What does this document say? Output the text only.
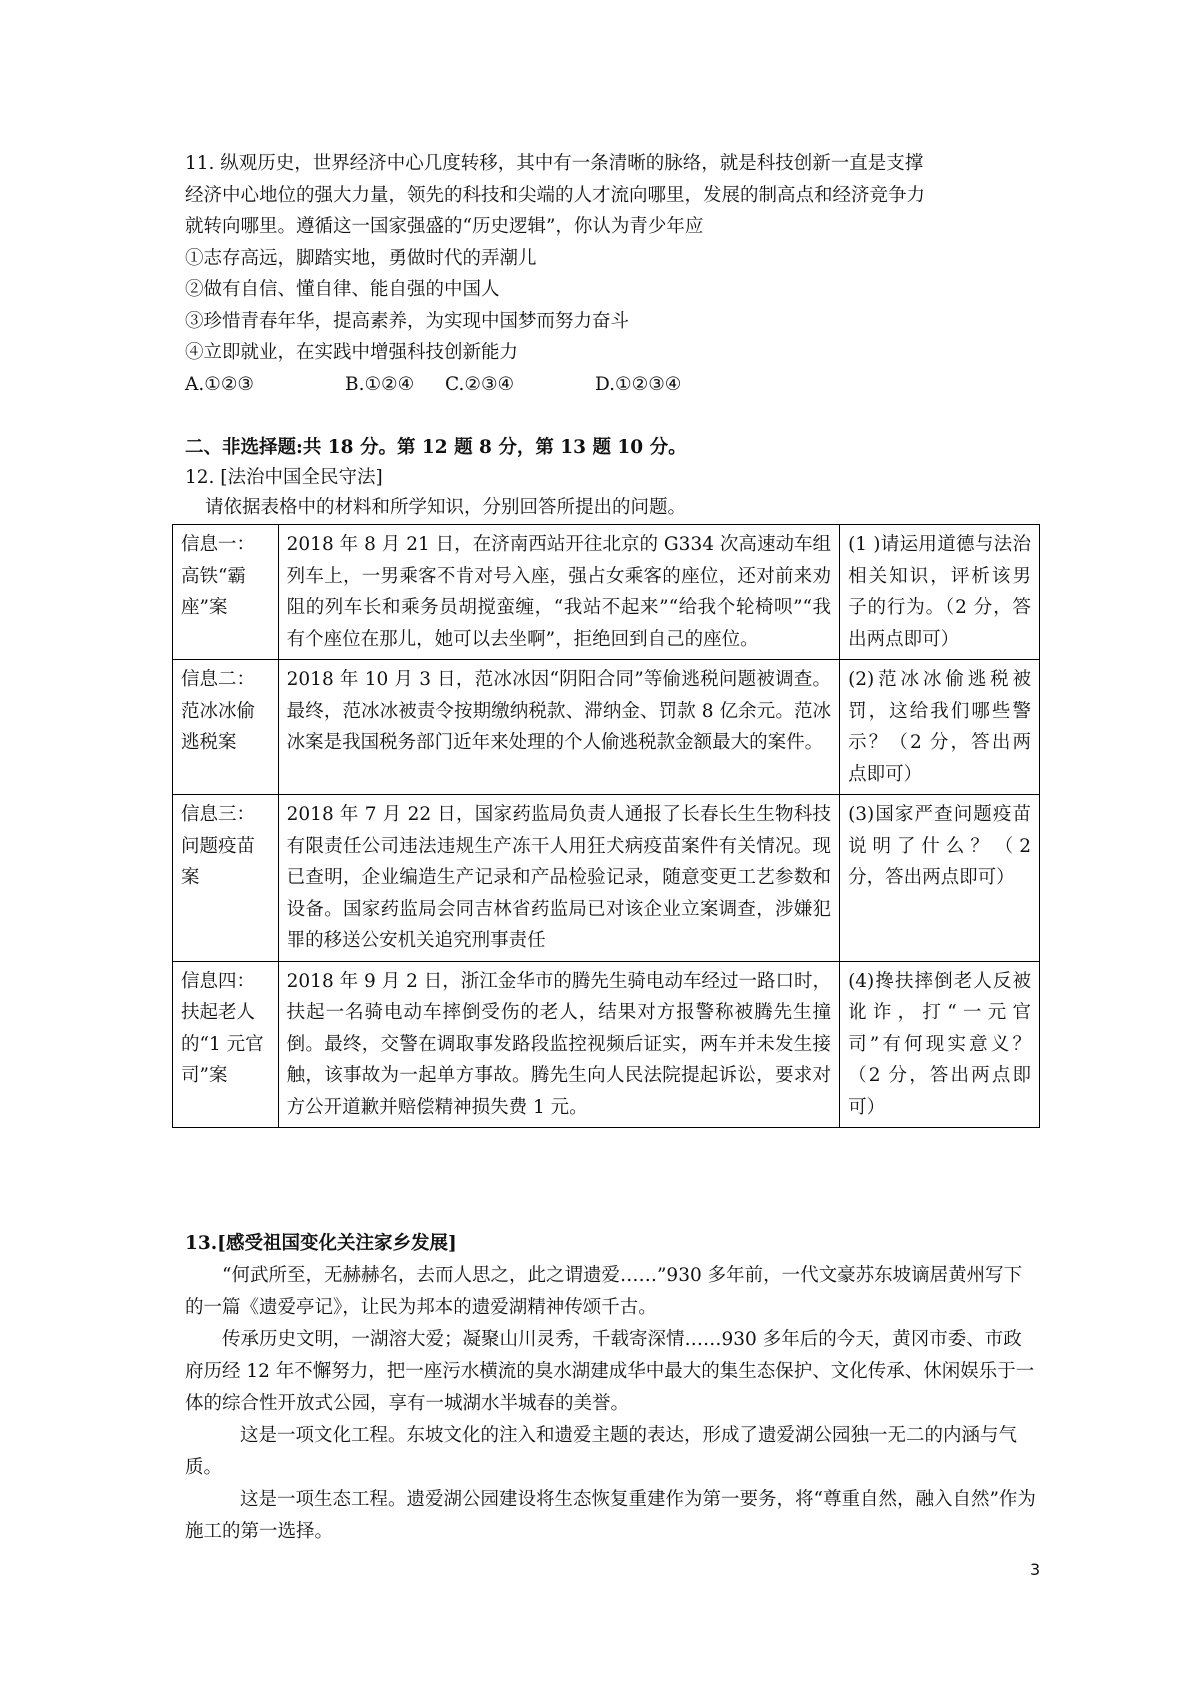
11. 纵观历史，世界经济中心几度转移，其中有一条清晰的脉络，就是科技创新一直是支撑
经济中心地位的强大力量，领先的科技和尖端的人才流向哪里，发展的制高点和经济竞争力
就转向哪里。遵循这一国家强盛的“历史逻辑”，你认为青少年应
①志存高远，脚踏实地，勇做时代的弄潮儿
②做有自信、懂自律、能自强的中国人
③珍惜青春年华，提高素养，为实现中国梦而努力奋斗
④立即就业，在实践中增强科技创新能力
A.①②③	B.①②④ C.②③④	D.①②③④
二、非选择题:共 18 分。第 12 题 8 分，第 13 题 10 分。
12. [法治中国全民守法]
请依据表格中的材料和所学知识，分别回答所提出的问题。
信息一：高铁“霸座”案	2018 年 8 月 21 日，在济南西站开往北京的 G334 次高速动车组列车上，一男乘客不肯对号入座，强占女乘客的座位，还对前来劝阻的列车长和乘务员胡搅蛮缠，“我站不起来”“给我个轮椅呗”“我有个座位在那儿，她可以去坐啊”，拒绝回到自己的座位。	(1 )请运用道德与法治相关知识，评析该男子的行为。（2 分，答出两点即可）
信息二：范冰冰偷逃税案	2018 年 10 月 3 日，范冰冰因“阴阳合同”等偷逃税问题被调查。最终，范冰冰被责令按期缴纳税款、滞纳金、罚款 8 亿余元。范冰冰案是我国税务部门近年来处理的个人偷逃税款金额最大的案件。	(2)范冰冰偷逃税被罚，这给我们哪些警示？（2 分，答出两点即可）
信息三：问题疫苗案	2018 年 7 月 22 日，国家药监局负责人通报了长春长生生物科技有限责任公司违法违规生产冻干人用狂犬病疫苗案件有关情况。现已查明，企业编造生产记录和产品检验记录，随意变更工艺参数和设备。国家药监局会同吉林省药监局已对该企业立案调查，涉嫌犯罪的移送公安机关追究刑事责任	(3)国家严查问题疫苗说明了什么？（2 分，答出两点即可）
信息四：扶起老人的“1 元官司”案	2018 年 9 月 2 日，浙江金华市的腾先生骑电动车经过一路口时，扶起一名骑电动车摔倒受伤的老人，结果对方报警称被腾先生撞倒。最终，交警在调取事发路段监控视频后证实，两车并未发生接触，该事故为一起单方事故。腾先生向人民法院提起诉讼，要求对方公开道歉并赔偿精神损失费 1 元。	(4)搀扶摔倒老人反被讹诈，打“一元官司”有何现实意义？（2 分，答出两点即可）
13.[感受祖国变化关注家乡发展]
“何武所至，无赫赫名，去而人思之，此之谓遗爱……”930 多年前，一代文豪苏东坡谪居黄州写下的一篇《遗爱亭记》，让民为邦本的遗爱湖精神传颂千古。
传承历史文明，一湖溶大爱；凝聚山川灵秀，千载寄深情……930 多年后的今天，黄冈市委、市政府历经 12 年不懈努力，把一座污水横流的臭水湖建成华中最大的集生态保护、文化传承、休闲娱乐于一体的综合性开放式公园，享有一城湖水半城春的美誉。
这是一项文化工程。东坡文化的注入和遗爱主题的表达，形成了遗爱湖公园独一无二的内涵与气质。
这是一项生态工程。遗爱湖公园建设将生态恢复重建作为第一要务，将“尊重自然，融入自然”作为施工的第一选择。
3
